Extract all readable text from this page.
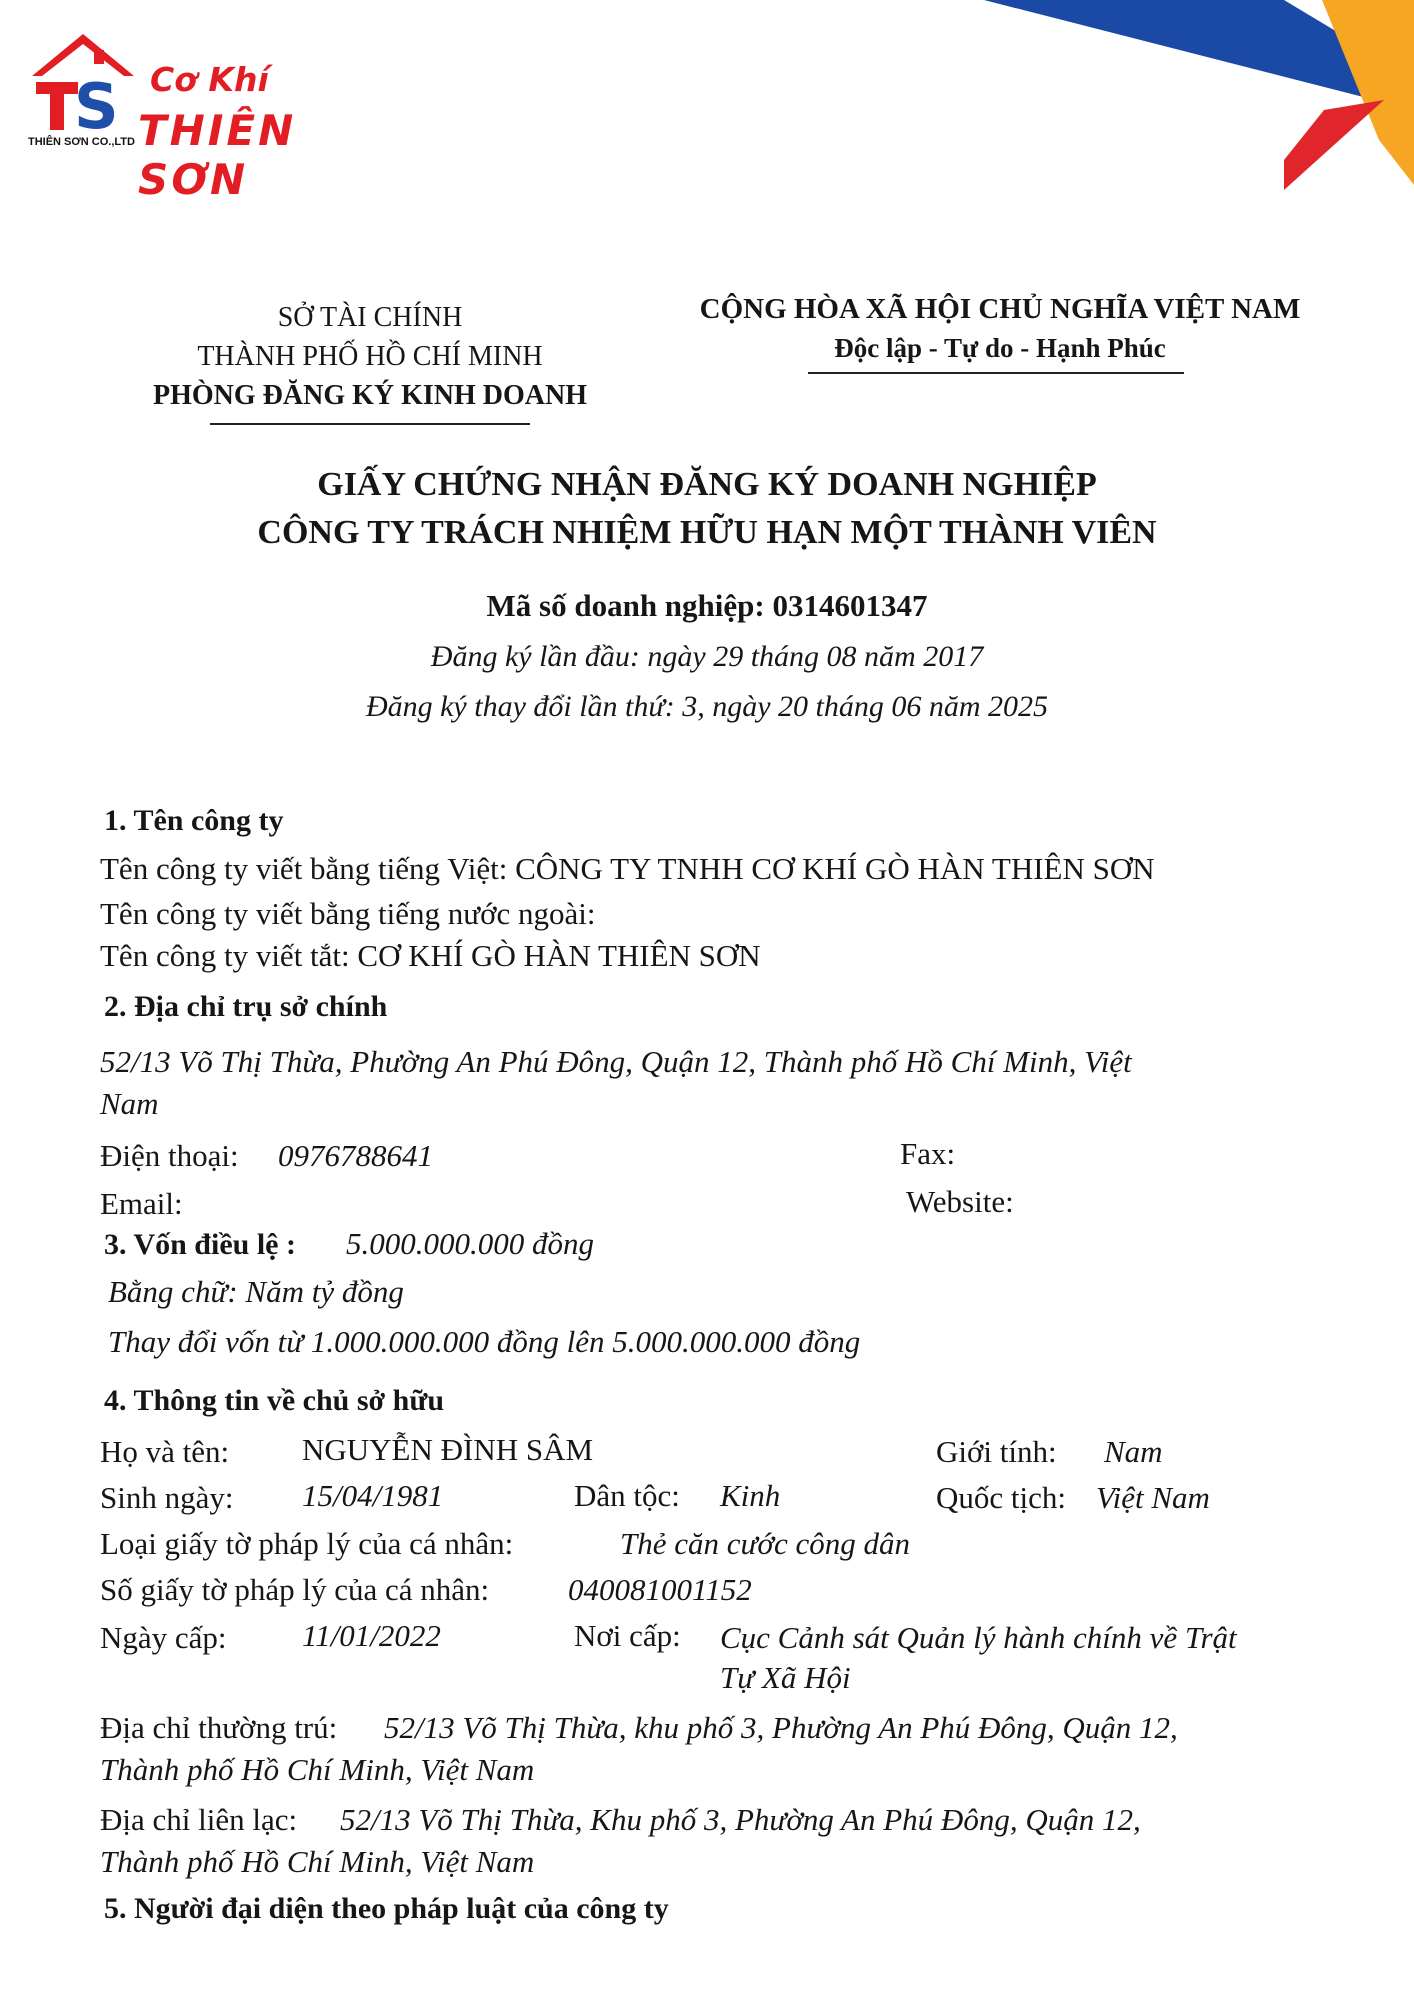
S Cơ Khí
THIÊN SƠN
THIÊN SƠN CO.,LTD
SỞ TÀI CHÍNH
THÀNH PHỐ HỒ CHÍ MINH
PHÒNG ĐĂNG KÝ KINH DOANH
CỘNG HÒA XÃ HỘI CHỦ NGHĨA VIỆT NAM
Độc lập - Tự do - Hạnh Phúc
GIẤY CHỨNG NHẬN ĐĂNG KÝ DOANH NGHIỆP
CÔNG TY TRÁCH NHIỆM HỮU HẠN MỘT THÀNH VIÊN
Mã số doanh nghiệp: 0314601347
Đăng ký lần đầu: ngày 29 tháng 08 năm 2017
Đăng ký thay đổi lần thứ: 3, ngày 20 tháng 06 năm 2025
1. Tên công ty
Tên công ty viết bằng tiếng Việt: CÔNG TY TNHH CƠ KHÍ GÒ HÀN THIÊN SƠN
Tên công ty viết bằng tiếng nước ngoài:
Tên công ty viết tắt: CƠ KHÍ GÒ HÀN THIÊN SƠN
2. Địa chỉ trụ sở chính
52/13 Võ Thị Thừa, Phường An Phú Đông, Quận 12, Thành phố Hồ Chí Minh, Việt
Nam
Điện thoại: 0976788641	Fax:
Email:	Website:
3. Vốn điều lệ : 5.000.000.000 đồng
Bằng chữ: Năm tỷ đồng
Thay đổi vốn từ 1.000.000.000 đồng lên 5.000.000.000 đồng
4. Thông tin về chủ sở hữu
Họ và tên: NGUYỄN ĐÌNH SÂM	Giới tính: Nam
Sinh ngày: 15/04/1981	Dân tộc: Kinh	Quốc tịch: Việt Nam
Loại giấy tờ pháp lý của cá nhân:	Thẻ căn cước công dân
Số giấy tờ pháp lý của cá nhân:	040081001152
Ngày cấp: 11/01/2022	Nơi cấp: Cục Cảnh sát Quản lý hành chính về Trật
Tự Xã Hội
Địa chỉ thường trú: 52/13 Võ Thị Thừa, khu phố 3, Phường An Phú Đông, Quận 12,
Thành phố Hồ Chí Minh, Việt Nam
Địa chỉ liên lạc: 52/13 Võ Thị Thừa, Khu phố 3, Phường An Phú Đông, Quận 12,
Thành phố Hồ Chí Minh, Việt Nam
5. Người đại diện theo pháp luật của công ty
